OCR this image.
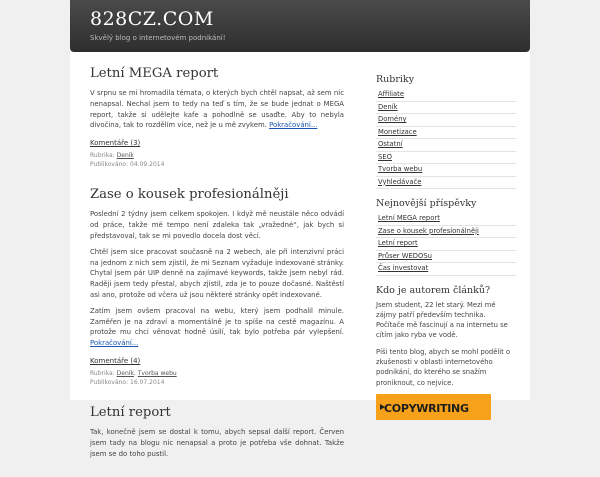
828CZ.COM
Skvělý blog o internetovém podnikání!
Letní MEGA report

V srpnu se mi hromadila témata, o kterých bych chtěl napsat, až sem nic nenapsal. Nechal jsem to tedy na teď s tím, že se bude jednat o MEGA report, takže si udělejte kafe a pohodlně se usaďte. Aby to nebyla divočina, tak to rozdělím více, než je u mě zvykem. Pokračování...

Komentáře (3)
Rubrika: Deník
Publikováno: 04.09.2014
Zase o kousek profesionálněji

Poslední 2 týdny jsem celkem spokojen. I když mě neustále něco odvádí od práce, takže mé tempo není zdaleka tak „vražedné“, jak bych si představoval, tak se mi povedlo docela dost věcí.

Chtěl jsem sice pracovat současně na 2 webech, ale při intenzivní práci na jednom z nich sem zjistil, že mi Seznam vyžaduje indexované stránky. Chytal jsem pár UIP denně na zajímavé keywords, takže jsem nebyl rád. Raději jsem tedy přestal, abych zjistil, zda je to pouze dočasné. Naštěstí asi ano, protože od včera už jsou některé stránky opět indexované.

Zatím jsem ovšem pracoval na webu, který jsem podhalil minule. Zaměřen je na zdraví a momentálně je to spíše na cestě magazínu. A protože mu chci věnovat hodně úsilí, tak bylo potřeba pár vylepšení. Pokračování...

Komentáře (4)
Rubrika: Deník, Tvorba webu
Publikováno: 16.07.2014
Letní report

Tak, konečně jsem se dostal k tomu, abych sepsal další report. Červen jsem tady na blogu nic nenapsal a proto je potřeba vše dohnat. Takže jsem se do toho pustil.

Rubriky
Affiliate
Deník
Domény
Monetizace
Ostatní
SEO
Tvorba webu
Vyhledávače
Nejnovější příspěvky
Letní MEGA report
Zase o kousek profesionálněji
Letní report
Průser WEDOSu
Čas investovat
Kdo je autorem článků?

Jsem student, 22 let starý. Mezi mé zájmy patří především technika. Počítače mě fascinují a na internetu se cítím jako ryba ve vodě.

Píši tento blog, abych se mohl podělit o zkušenosti v oblasti internetového podnikání, do kterého se snažím proniknout, co nejvíce.

COPYWRITING
